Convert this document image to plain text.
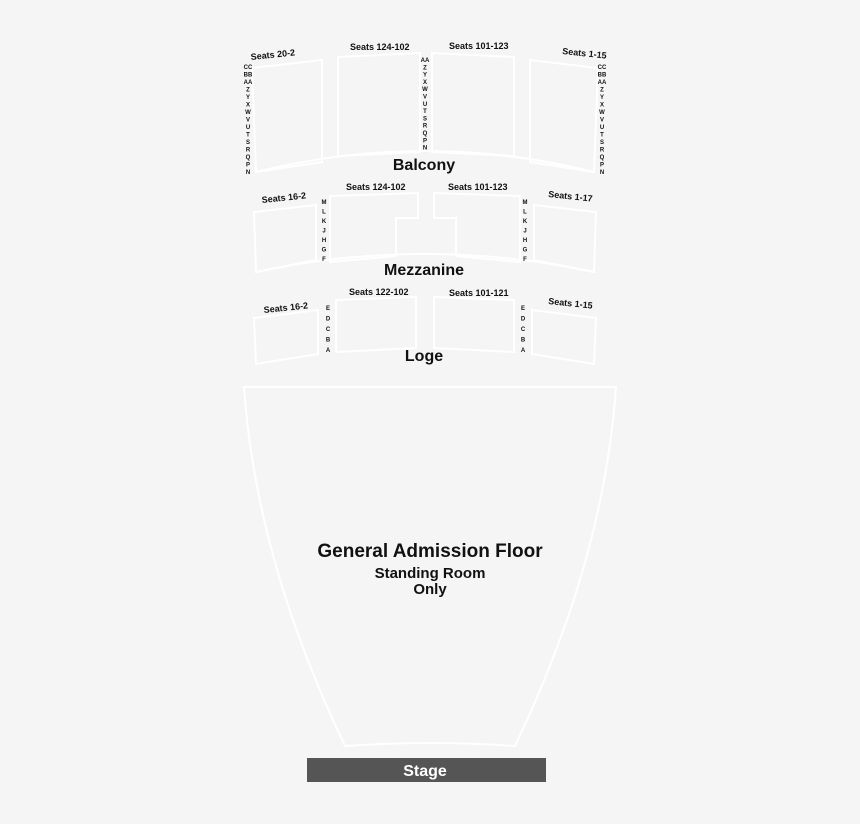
Seats 20-2
Seats 124-102	Seats 101-123
Seats 1-15
CC
BB
AA
Z
Y
X
W
V
U
T
S
R
Q
P
N
AA
Z
Y
X
W
V
U
T
S
R
Q
P
N
CC
BB
AA
Z
Y
X
W
V
U
T
S
R
Q
P
N
Balcony
Seats 16-2
Seats 124-102	Seats 101-123
Seats 1-17
M
L
K
J
H
G
F
M
L
K
J
H
G
F
Mezzanine
Seats 16-2
Seats 122-102	Seats 101-121
Seats 1-15
E
D
C
B
A
E
D
C
B
A
Loge
General Admission Floor
Standing Room
Only
Stage
